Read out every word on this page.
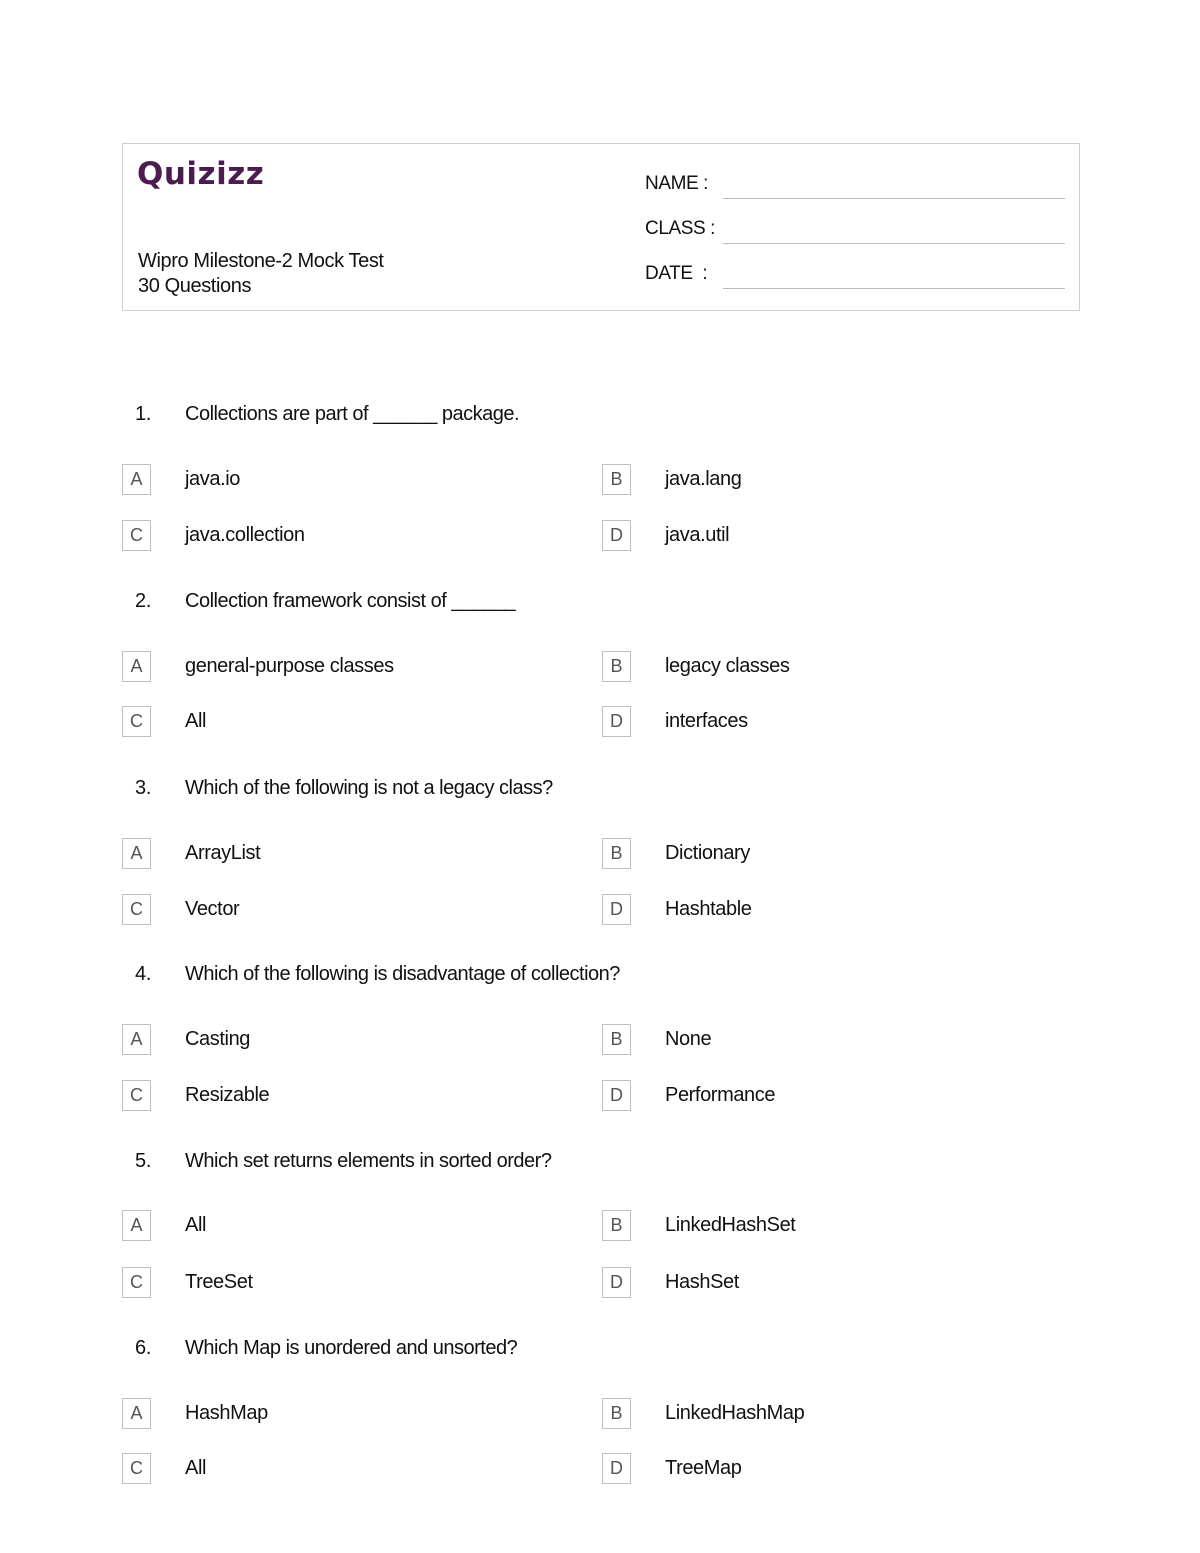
Quizizz
Wipro Milestone-2 Mock Test
30 Questions
NAME :
CLASS :
DATE  :
1. Collections are part of ______ package.
A	java.io	B	java.lang
C	java.collection	D	java.util
2. Collection framework consist of ______
A	general-purpose classes	B	legacy classes
C	All	D	interfaces
3. Which of the following is not a legacy class?
A	ArrayList	B	Dictionary
C	Vector	D	Hashtable
4. Which of the following is disadvantage of collection?
A	Casting	B	None
C	Resizable	D	Performance
5. Which set returns elements in sorted order?
A	All	B	LinkedHashSet
C	TreeSet	D	HashSet
6. Which Map is unordered and unsorted?
A	HashMap	B	LinkedHashMap
C	All	D	TreeMap
